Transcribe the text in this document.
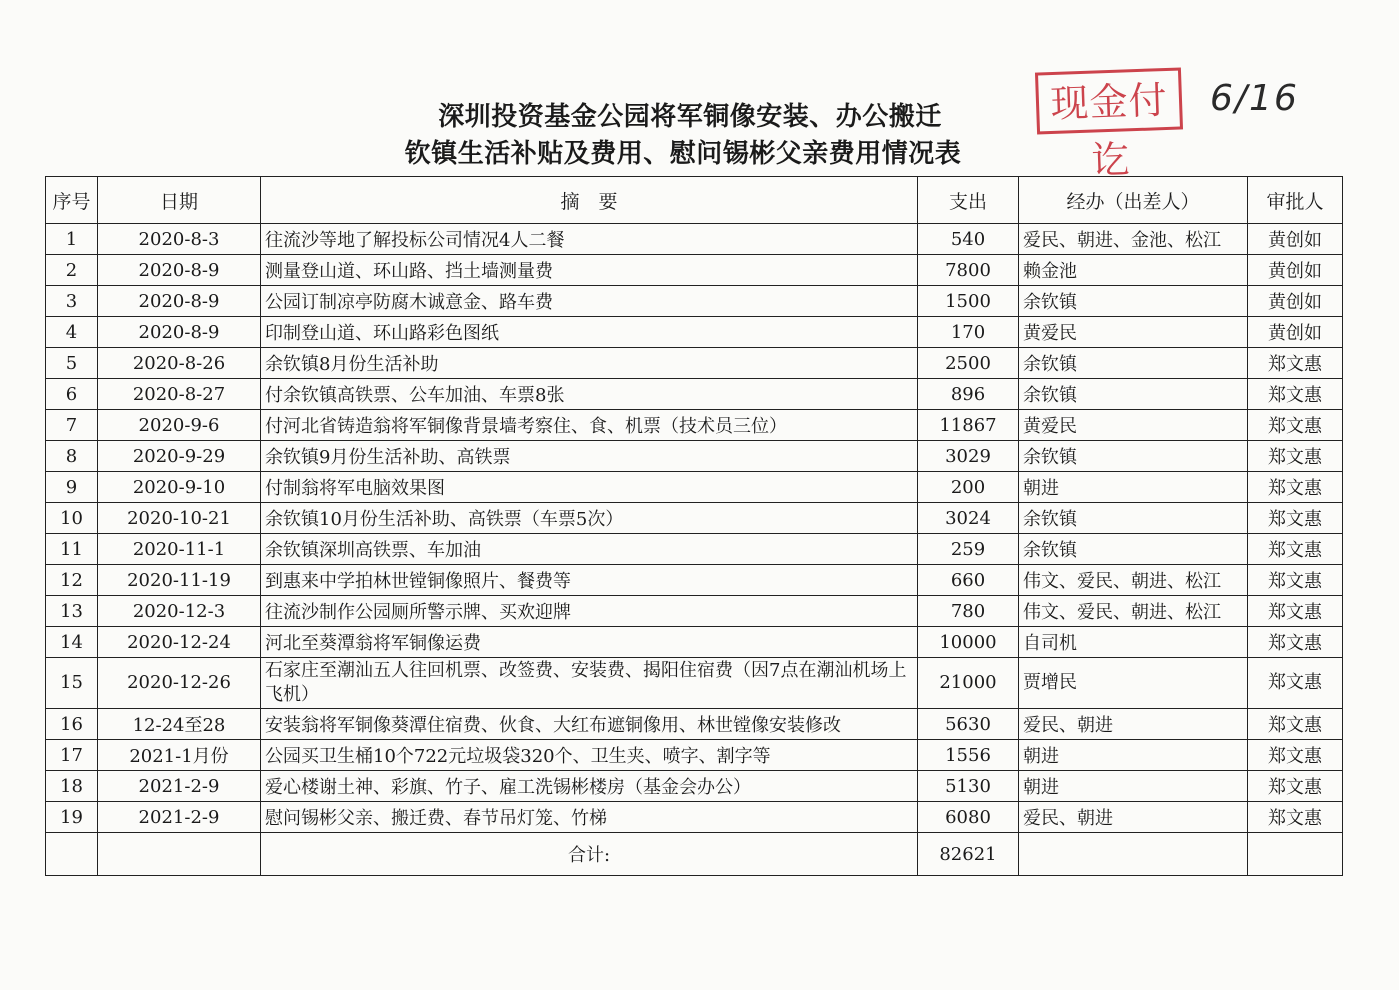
深圳投资基金公园将军铜像安装、办公搬迁
钦镇生活补贴及费用、慰问锡彬父亲费用情况表
现金付讫
6/16
序号	日期	摘　要	支出	经办（出差人）	审批人
1	2020-8-3	往流沙等地了解投标公司情况4人二餐	540	爱民、朝进、金池、松江	黄创如
2	2020-8-9	测量登山道、环山路、挡土墙测量费	7800	赖金池	黄创如
3	2020-8-9	公园订制凉亭防腐木诚意金、路车费	1500	余钦镇	黄创如
4	2020-8-9	印制登山道、环山路彩色图纸	170	黄爱民	黄创如
5	2020-8-26	余钦镇8月份生活补助	2500	余钦镇	郑文惠
6	2020-8-27	付余钦镇高铁票、公车加油、车票8张	896	余钦镇	郑文惠
7	2020-9-6	付河北省铸造翁将军铜像背景墙考察住、食、机票（技术员三位）	11867	黄爱民	郑文惠
8	2020-9-29	余钦镇9月份生活补助、高铁票	3029	余钦镇	郑文惠
9	2020-9-10	付制翁将军电脑效果图	200	朝进	郑文惠
10	2020-10-21	余钦镇10月份生活补助、高铁票（车票5次）	3024	余钦镇	郑文惠
11	2020-11-1	余钦镇深圳高铁票、车加油	259	余钦镇	郑文惠
12	2020-11-19	到惠来中学拍林世镗铜像照片、餐费等	660	伟文、爱民、朝进、松江	郑文惠
13	2020-12-3	往流沙制作公园厕所警示牌、买欢迎牌	780	伟文、爱民、朝进、松江	郑文惠
14	2020-12-24	河北至葵潭翁将军铜像运费	10000	自司机	郑文惠
15	2020-12-26	石家庄至潮汕五人往回机票、改签费、安装费、揭阳住宿费（因7点在潮汕机场上飞机）	21000	贾增民	郑文惠
16	12-24至28	安装翁将军铜像葵潭住宿费、伙食、大红布遮铜像用、林世镗像安装修改	5630	爱民、朝进	郑文惠
17	2021-1月份	公园买卫生桶10个722元垃圾袋320个、卫生夹、喷字、割字等	1556	朝进	郑文惠
18	2021-2-9	爱心楼谢土神、彩旗、竹子、雇工洗锡彬楼房（基金会办公）	5130	朝进	郑文惠
19	2021-2-9	慰问锡彬父亲、搬迁费、春节吊灯笼、竹梯	6080	爱民、朝进	郑文惠
		合计:	82621		
